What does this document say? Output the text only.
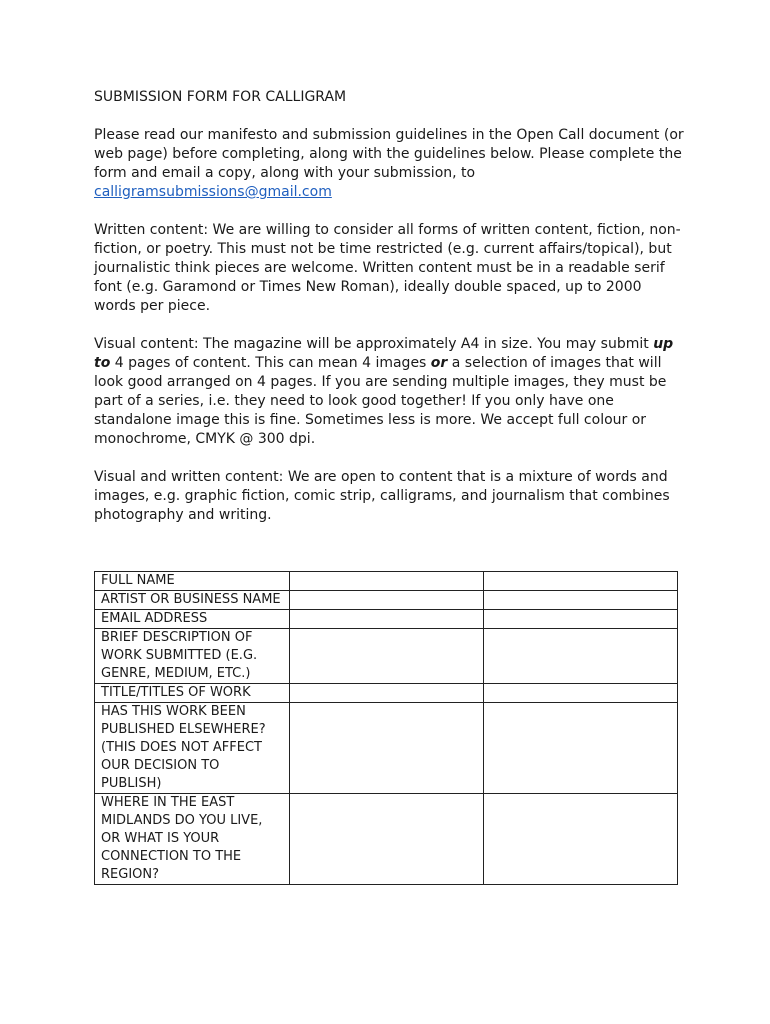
SUBMISSION FORM FOR CALLIGRAM

Please read our manifesto and submission guidelines in the Open Call document (or web page) before completing, along with the guidelines below. Please complete the form and email a copy, along with your submission, to calligramsubmissions@gmail.com

Written content: We are willing to consider all forms of written content, fiction, non-fiction, or poetry. This must not be time restricted (e.g. current affairs/topical), but journalistic think pieces are welcome. Written content must be in a readable serif font (e.g. Garamond or Times New Roman), ideally double spaced, up to 2000 words per piece.

Visual content: The magazine will be approximately A4 in size. You may submit up to 4 pages of content. This can mean 4 images or a selection of images that will look good arranged on 4 pages. If you are sending multiple images, they must be part of a series, i.e. they need to look good together! If you only have one standalone image this is fine. Sometimes less is more. We accept full colour or monochrome, CMYK @ 300 dpi.

Visual and written content: We are open to content that is a mixture of words and images, e.g. graphic fiction, comic strip, calligrams, and journalism that combines photography and writing.

FULL NAME		
ARTIST OR BUSINESS NAME		
EMAIL ADDRESS		
BRIEF DESCRIPTION OF WORK SUBMITTED (E.G. GENRE, MEDIUM, ETC.)		
TITLE/TITLES OF WORK		
HAS THIS WORK BEEN PUBLISHED ELSEWHERE? (THIS DOES NOT AFFECT OUR DECISION TO PUBLISH)		
WHERE IN THE EAST MIDLANDS DO YOU LIVE, OR WHAT IS YOUR CONNECTION TO THE REGION?		
